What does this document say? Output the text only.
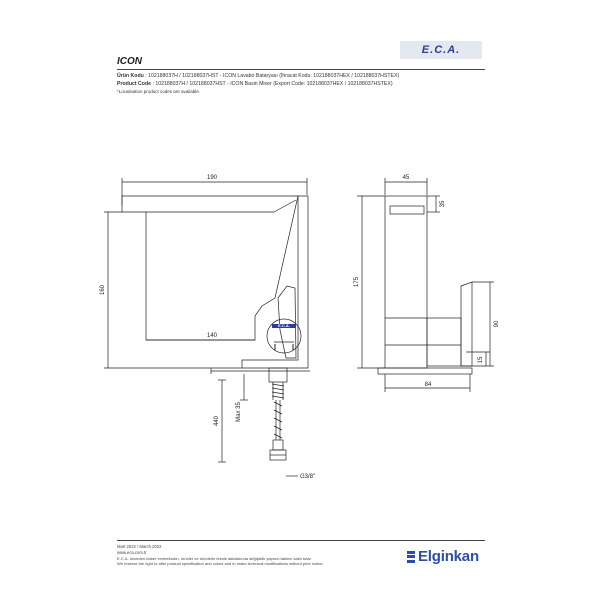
E.C.A.
ICON
Ürün Kodu : 102188037H / 102188037HST - ICON Lavabo Bataryası (İhracat Kodu: 102188037HEX / 102188037HSTEX)
Product Code : 102188037H / 102188037HST - ICON Basin Mixer (Export Code: 102188037HEX / 102188037HSTEX)
*Localisation product codes are available.
190
160
140
45
35
175
90
15
84
440	Max 35
G3/8"
E.C.A.
Mart 2022 / March 2022
www.eca.com.tr
E.C.A. önceden haber vermeksizin, ürünler ve ürünlerin teknik datalarında değişiklik yapma hakkını saklı tutar.
We reserve the right to alter product specification and colors and to make technical modifications without prior notice.	Elginkan
